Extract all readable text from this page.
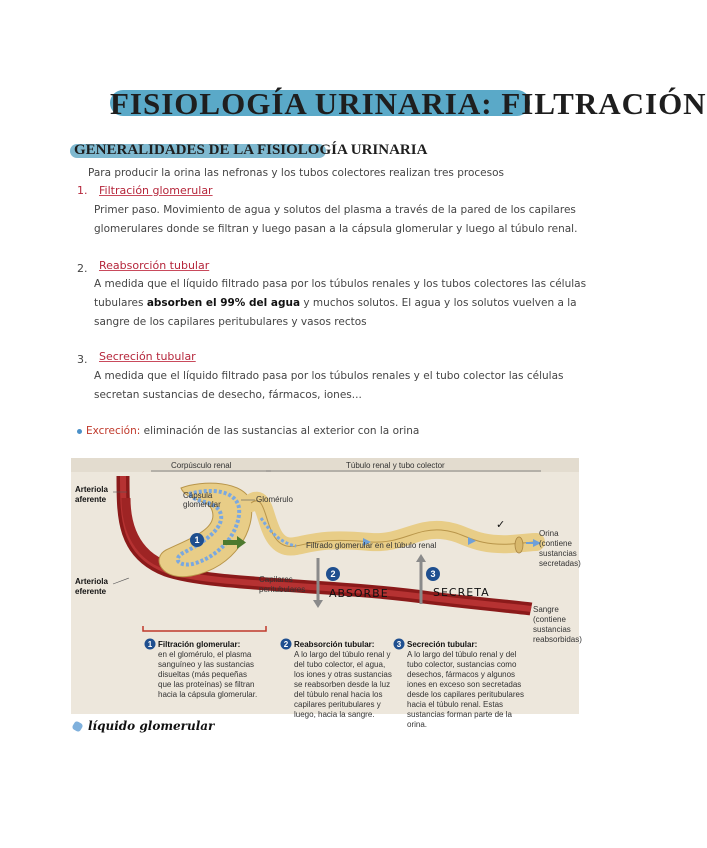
FISIOLOGÍA URINARIA: FILTRACIÓN
GENERALIDADES DE LA FISIOLOGÍA URINARIA
Para producir la orina las nefronas y los tubos colectores realizan tres procesos
1. Filtración glomerular
Primer paso. Movimiento de agua y solutos del plasma a través de la pared de los capilares
glomerulares donde se filtran y luego pasan a la cápsula glomerular y luego al túbulo renal.
2. Reabsorción tubular
A medida que el líquido filtrado pasa por los túbulos renales y los tubos colectores las células
tubulares absorben el 99% del agua y muchos solutos. El agua y los solutos vuelven a la
sangre de los capilares peritubulares y vasos rectos
3. Secreción tubular
A medida que el líquido filtrado pasa por los túbulos renales y el tubo colector las células
secretan sustancias de desecho, fármacos, iones...
Excreción: eliminación de las sustancias al exterior con la orina
Corpúsculo renal	Túbulo renal y tubo colector
1
2	3
Arteriola
aferente
Arteriola
eferente
Cápsula
glomerular
Glomérulo
Filtrado glomerular en el túbulo renal
Capilares
peritubulares
Orina
(contiene
sustancias
secretadas)
Sangre
(contiene
sustancias
reabsorbidas)
ABSORBE	SECRETA
✓
1 Filtración glomerular:
en el glomérulo, el plasma
sanguíneo y las sustancias
disueltas (más pequeñas
que las proteínas) se filtran
hacia la cápsula glomerular.
2 Reabsorción tubular:
A lo largo del túbulo renal y
del tubo colector, el agua,
los iones y otras sustancias
se reabsorben desde la luz
del túbulo renal hacia los
capilares peritubulares y
luego, hacia la sangre.
3 Secreción tubular:
A lo largo del túbulo renal y del
tubo colector, sustancias como
desechos, fármacos y algunos
iones en exceso son secretadas
desde los capilares peritubulares
hacia el túbulo renal. Estas
sustancias forman parte de la
orina.
líquido glomerular
